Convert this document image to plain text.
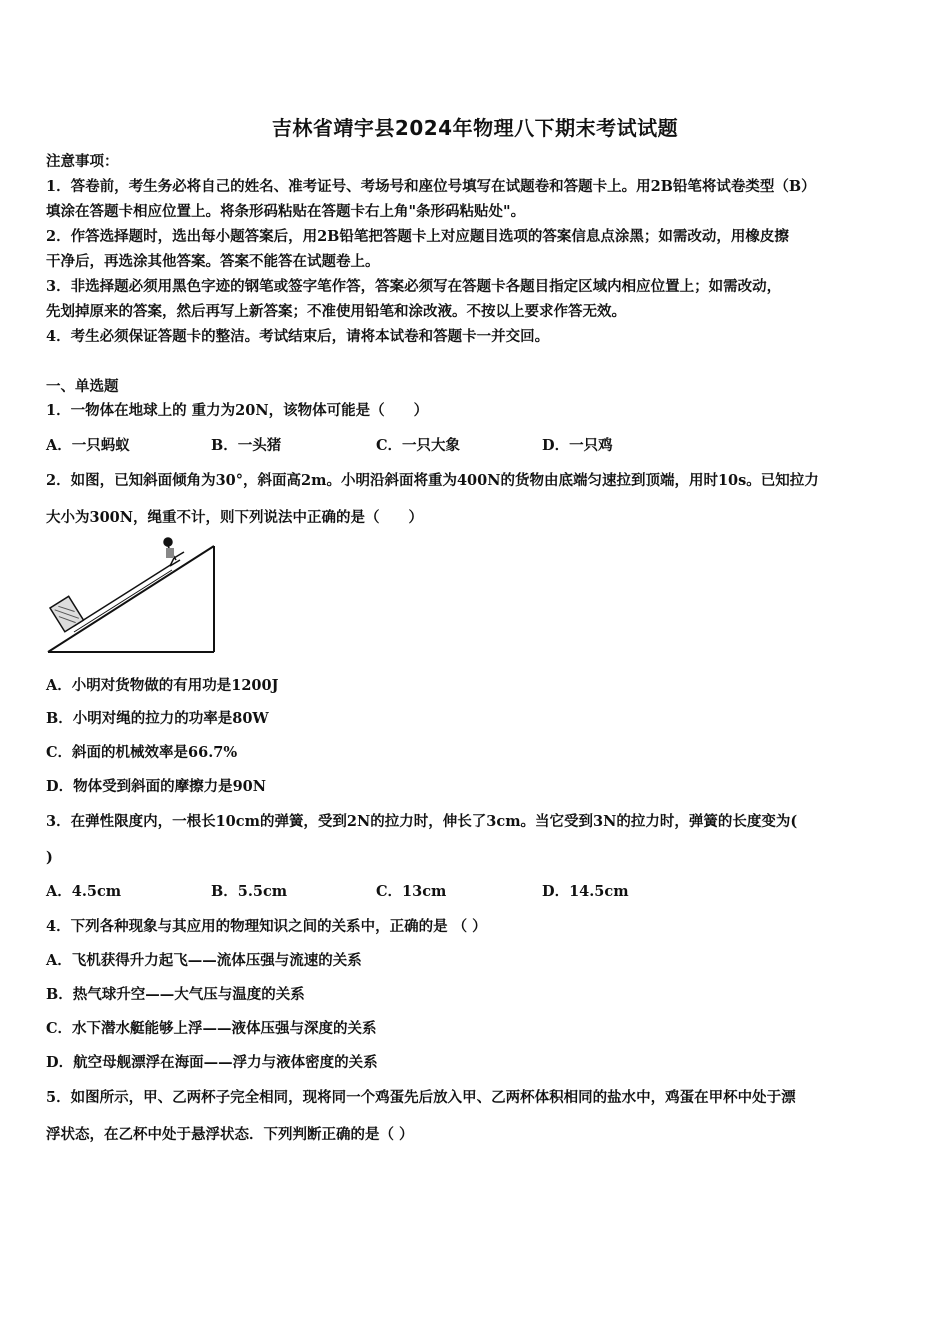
吉林省靖宇县2024年物理八下期末考试试题
注意事项：
1．答卷前，考生务必将自己的姓名、准考证号、考场号和座位号填写在试题卷和答题卡上。用2B铅笔将试卷类型（B）
填涂在答题卡相应位置上。将条形码粘贴在答题卡右上角"条形码粘贴处"。
2．作答选择题时，选出每小题答案后，用2B铅笔把答题卡上对应题目选项的答案信息点涂黑；如需改动，用橡皮擦
干净后，再选涂其他答案。答案不能答在试题卷上。
3．非选择题必须用黑色字迹的钢笔或签字笔作答，答案必须写在答题卡各题目指定区域内相应位置上；如需改动，
先划掉原来的答案，然后再写上新答案；不准使用铅笔和涂改液。不按以上要求作答无效。
4．考生必须保证答题卡的整洁。考试结束后，请将本试卷和答题卡一并交回。
一、单选题
1．一物体在地球上的 重力为20N，该物体可能是（　　）
A．一只蚂蚁	B．一头猪	C．一只大象	D．一只鸡
2．如图，已知斜面倾角为30°，斜面高2m。小明沿斜面将重为400N的货物由底端匀速拉到顶端，用时10s。已知拉力
大小为300N，绳重不计，则下列说法中正确的是（　　）
A．小明对货物做的有用功是1200J
B．小明对绳的拉力的功率是80W
C．斜面的机械效率是66.7%
D．物体受到斜面的摩擦力是90N
3．在弹性限度内，一根长10cm的弹簧，受到2N的拉力时，伸长了3cm。当它受到3N的拉力时，弹簧的长度变为(
)
A．4.5cm	B．5.5cm	C．13cm	D．14.5cm
4．下列各种现象与其应用的物理知识之间的关系中，正确的是 （ ）
A．飞机获得升力起飞——流体压强与流速的关系
B．热气球升空——大气压与温度的关系
C．水下潜水艇能够上浮——液体压强与深度的关系
D．航空母舰漂浮在海面——浮力与液体密度的关系
5．如图所示，甲、乙两杯子完全相同，现将同一个鸡蛋先后放入甲、乙两杯体积相同的盐水中，鸡蛋在甲杯中处于漂
浮状态，在乙杯中处于悬浮状态．下列判断正确的是（ ）
